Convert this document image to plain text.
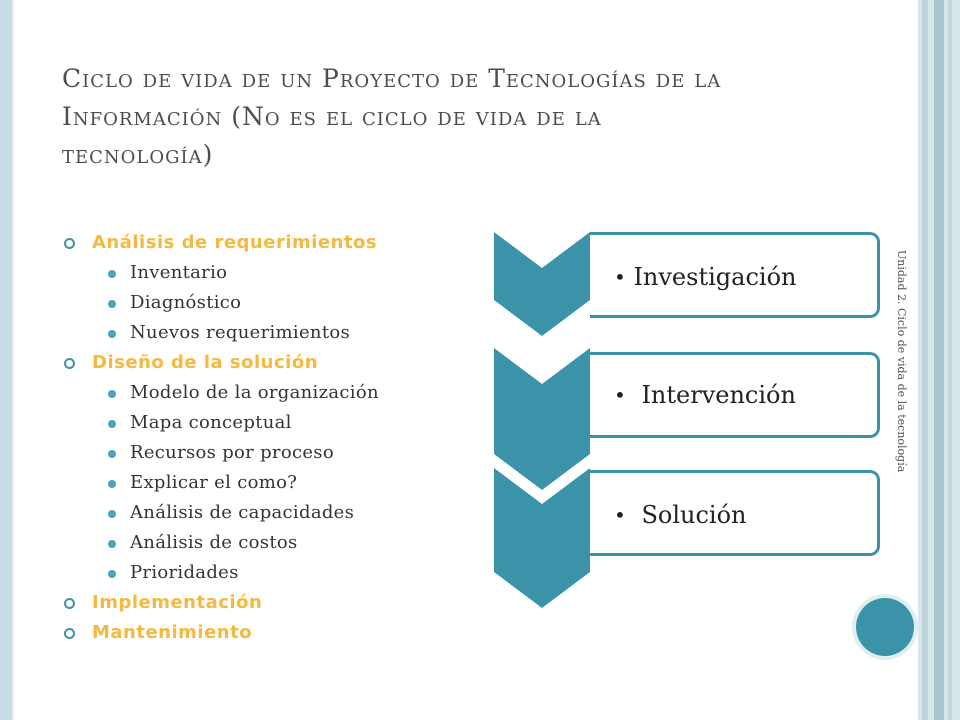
Ciclo de vida de un Proyecto de Tecnologías de la
Información (No es el ciclo de vida de la
tecnología)
Análisis de requerimientos
Inventario
Diagnóstico
Nuevos requerimientos
Diseño de la solución
Modelo de la organización
Mapa conceptual
Recursos por proceso
Explicar el como?
Análisis de capacidades
Análisis de costos
Prioridades
Implementación
Mantenimiento
• Investigación
• Intervención
• Solución
Unidad 2. Ciclo de vida de la tecnología
